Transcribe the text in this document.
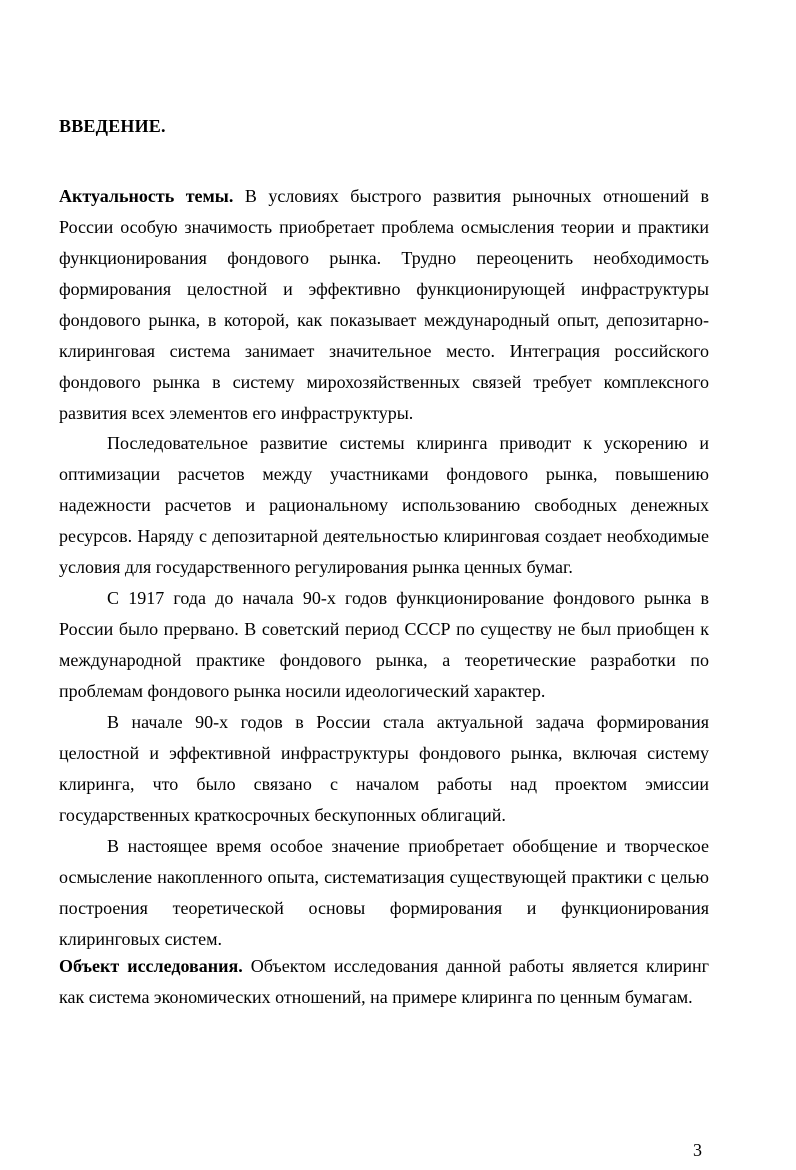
ВВЕДЕНИЕ.

Актуальность темы. В условиях быстрого развития рыночных отношений в России особую значимость приобретает проблема осмысления теории и практики функционирования фондового рынка. Трудно переоценить необходимость формирования целостной и эффективно функционирующей инфраструктуры фондового рынка, в которой, как показывает международный опыт, депозитарно-клиринговая система занимает значительное место. Интеграция российского фондового рынка в систему мирохозяйственных связей требует комплексного развития всех элементов его инфраструктуры.

Последовательное развитие системы клиринга приводит к ускорению и оптимизации расчетов между участниками фондового рынка, повышению надежности расчетов и рациональному использованию свободных денежных ресурсов. Наряду с депозитарной деятельностью клиринговая создает необходимые условия для государственного регулирования рынка ценных бумаг.

С 1917 года до начала 90-х годов функционирование фондового рынка в России было прервано. В советский период СССР по существу не был приобщен к международной практике фондового рынка, а теоретические разработки по проблемам фондового рынка носили идеологический характер.

В начале 90-х годов в России стала актуальной задача формирования целостной и эффективной инфраструктуры фондового рынка, включая систему клиринга, что было связано с началом работы над проектом эмиссии государственных краткосрочных бескупонных облигаций.

В настоящее время особое значение приобретает обобщение и творческое осмысление накопленного опыта, систематизация существующей практики с целью построения теоретической основы формирования и функционирования клиринговых систем.

Объект исследования. Объектом исследования данной работы является клиринг как система экономических отношений, на примере клиринга по ценным бумагам.

3
